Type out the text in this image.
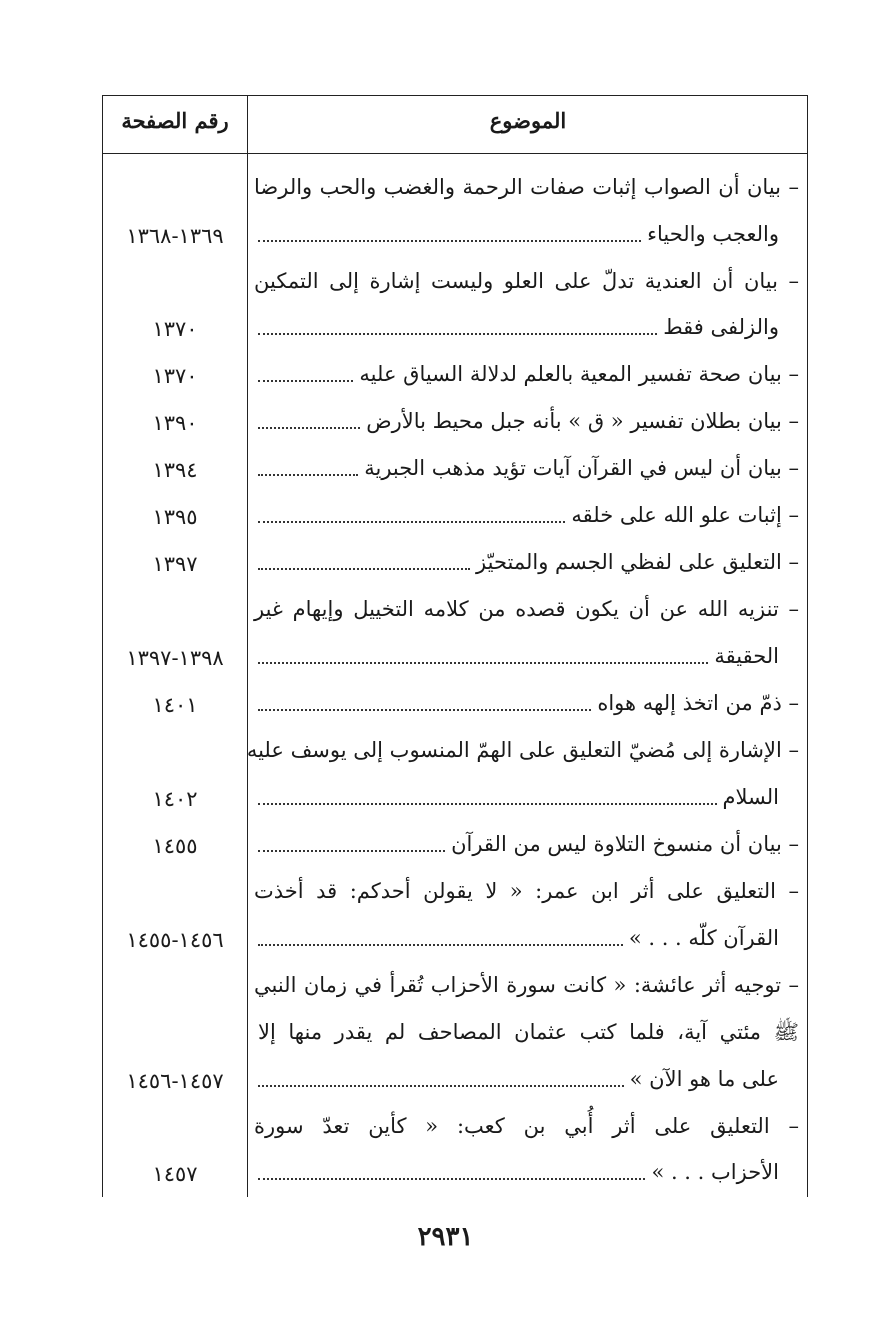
الموضوع
رقم الصفحة
– بيان أن الصواب إثبات صفات الرحمة والغضب والحب والرضا
والعجب والحياء
١٣٦٩-١٣٦٨
– بيان أن العندية تدلّ على العلو وليست إشارة إلى التمكين
والزلفى فقط
١٣٧٠
– بيان صحة تفسير المعية بالعلم لدلالة السياق عليه
١٣٧٠
– بيان بطلان تفسير « ق » بأنه جبل محيط بالأرض
١٣٩٠
– بيان أن ليس في القرآن آيات تؤيد مذهب الجبرية
١٣٩٤
– إثبات علو الله على خلقه
١٣٩٥
– التعليق على لفظي الجسم والمتحيّز
١٣٩٧
– تنزيه الله عن أن يكون قصده من كلامه التخييل وإيهام غير
الحقيقة
١٣٩٨-١٣٩٧
– ذمّ من اتخذ إلهه هواه
١٤٠١
– الإشارة إلى مُضيّ التعليق على الهمّ المنسوب إلى يوسف عليه
السلام
١٤٠٢
– بيان أن منسوخ التلاوة ليس من القرآن
١٤٥٥
– التعليق على أثر ابن عمر: « لا يقولن أحدكم: قد أخذت
القرآن كلّه . . . »
١٤٥٦-١٤٥٥
– توجيه أثر عائشة: « كانت سورة الأحزاب تُقرأ في زمان النبي
ﷺ مئتي آية، فلما كتب عثمان المصاحف لم يقدر منها إلا
على ما هو الآن »
١٤٥٧-١٤٥٦
– التعليق على أثر أُبي بن كعب: « كأين تعدّ سورة
الأحزاب . . . »
١٤٥٧
٢٩٣١
